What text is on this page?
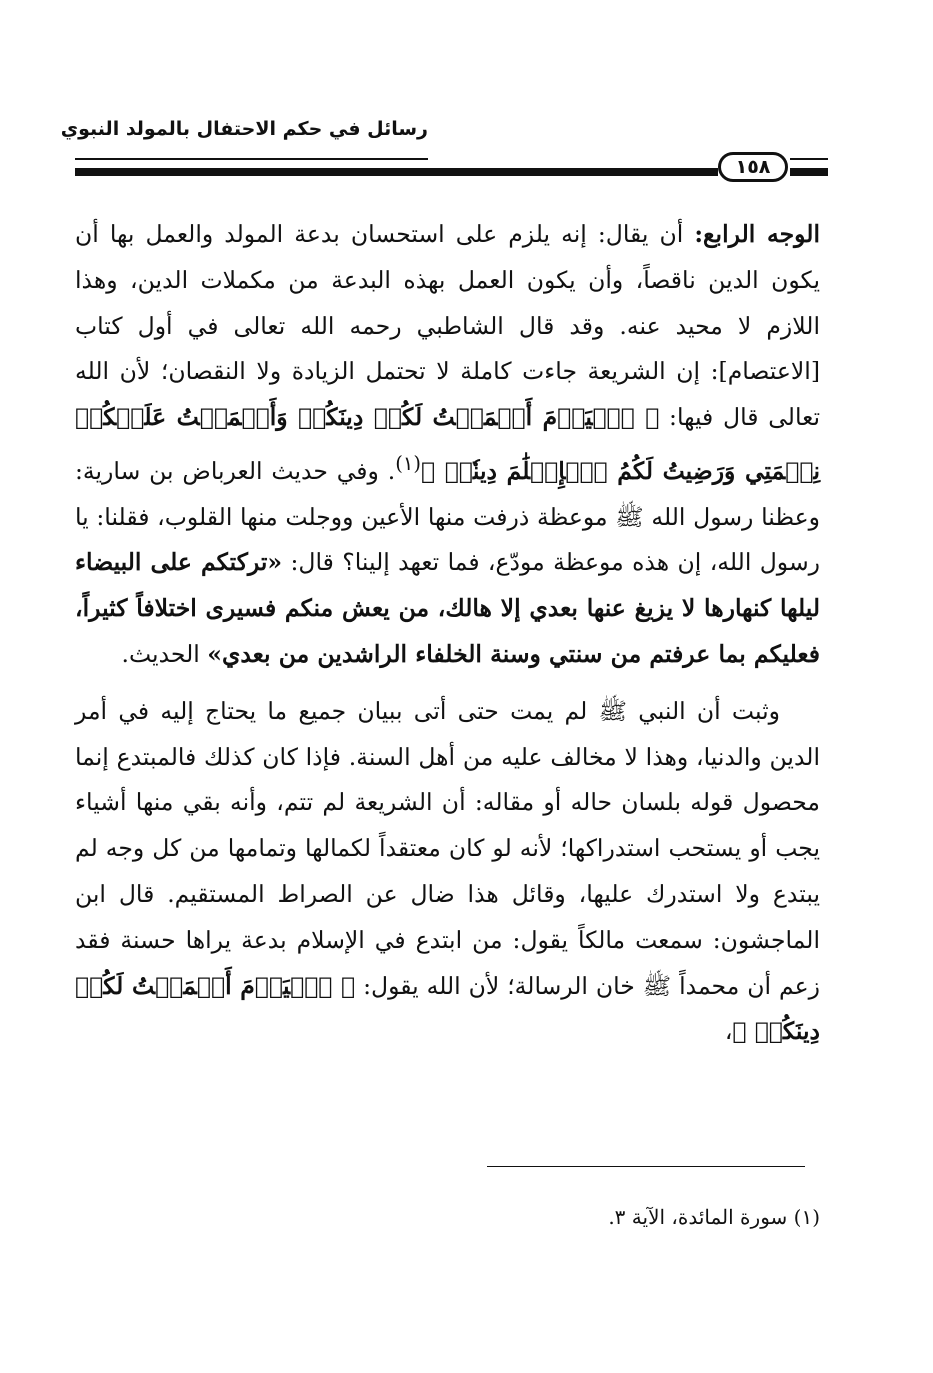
رسائل في حكم الاحتفال بالمولد النبوي
١٥٨

الوجه الرابع: أن يقال: إنه يلزم على استحسان بدعة المولد والعمل بها أن يكون الدين ناقصاً، وأن يكون العمل بهذه البدعة من مكملات الدين، وهذا اللازم لا محيد عنه. وقد قال الشاطبي رحمه الله تعالى في أول كتاب [الاعتصام]: إن الشريعة جاءت كاملة لا تحتمل الزيادة ولا النقصان؛ لأن الله تعالى قال فيها: ﴿ ٱلۡيَوۡمَ أَكۡمَلۡتُ لَكُمۡ دِينَكُمۡ وَأَتۡمَمۡتُ عَلَيۡكُمۡ نِعۡمَتِي وَرَضِيتُ لَكُمُ ٱلۡإِسۡلَٰمَ دِينٗاۚ ﴾$^{(١)}$. وفي حديث العرباض بن سارية: وعظنا رسول الله ﷺ موعظة ذرفت منها الأعين ووجلت منها القلوب، فقلنا: يا رسول الله، إن هذه موعظة مودّع، فما تعهد إلينا؟ قال: «تركتكم على البيضاء ليلها كنهارها لا يزيغ عنها بعدي إلا هالك، من يعش منكم فسيرى اختلافاً كثيراً، فعليكم بما عرفتم من سنتي وسنة الخلفاء الراشدين من بعدي» الحديث.

وثبت أن النبي ﷺ لم يمت حتى أتى ببيان جميع ما يحتاج إليه في أمر الدين والدنيا، وهذا لا مخالف عليه من أهل السنة. فإذا كان كذلك فالمبتدع إنما محصول قوله بلسان حاله أو مقاله: أن الشريعة لم تتم، وأنه بقي منها أشياء يجب أو يستحب استدراكها؛ لأنه لو كان معتقداً لكمالها وتمامها من كل وجه لم يبتدع ولا استدرك عليها، وقائل هذا ضال عن الصراط المستقيم. قال ابن الماجشون: سمعت مالكاً يقول: من ابتدع في الإسلام بدعة يراها حسنة فقد زعم أن محمداً ﷺ خان الرسالة؛ لأن الله يقول: ﴿ ٱلۡيَوۡمَ أَكۡمَلۡتُ لَكُمۡ دِينَكُمۡ ﴾،

(١) سورة المائدة، الآية ٣.
